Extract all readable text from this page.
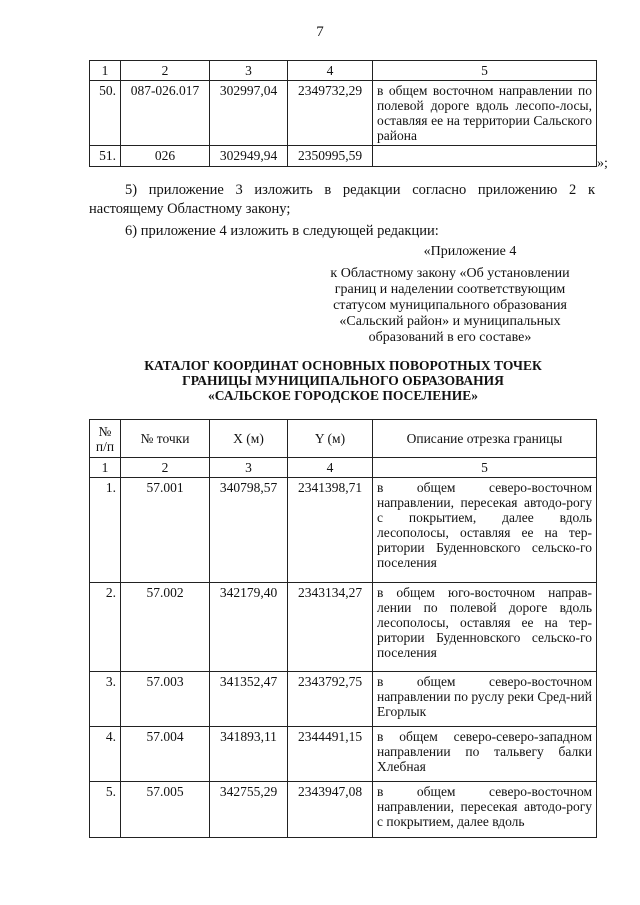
7
1	2	3	4	5
50.	087-026.017	302997,04	2349732,29	в общем восточном направлении по полевой дороге вдоль лесопо-лосы, оставляя ее на территории Сальского района
51.	026	302949,94	2350995,59	
»;
5) приложение 3 изложить в редакции согласно приложению 2 к настоящему Областному закону;
6) приложение 4 изложить в следующей редакции:
«Приложение 4
к Областному закону «Об установлении
границ и наделении соответствующим
статусом муниципального образования
«Сальский район» и муниципальных
образований в его составе»
КАТАЛОГ КООРДИНАТ ОСНОВНЫХ ПОВОРОТНЫХ ТОЧЕК
ГРАНИЦЫ МУНИЦИПАЛЬНОГО ОБРАЗОВАНИЯ
«САЛЬСКОЕ ГОРОДСКОЕ ПОСЕЛЕНИЕ»
№
п/п	№ точки	X (м)	Y (м)	Описание отрезка границы
1	2	3	4	5
1.	57.001	340798,57	2341398,71	в общем северо-восточном направлении, пересекая автодо-рогу с покрытием, далее вдоль лесополосы, оставляя ее на тер-ритории Буденновского сельско-го поселения
2.	57.002	342179,40	2343134,27	в общем юго-восточном направ-лении по полевой дороге вдоль лесополосы, оставляя ее на тер-ритории Буденновского сельско-го поселения
3.	57.003	341352,47	2343792,75	в общем северо-восточном направлении по руслу реки Сред-ний Егорлык
4.	57.004	341893,11	2344491,15	в общем северо-северо-западном направлении по тальвегу балки Хлебная
5.	57.005	342755,29	2343947,08	в общем северо-восточном направлении, пересекая автодо-рогу с покрытием, далее вдоль
